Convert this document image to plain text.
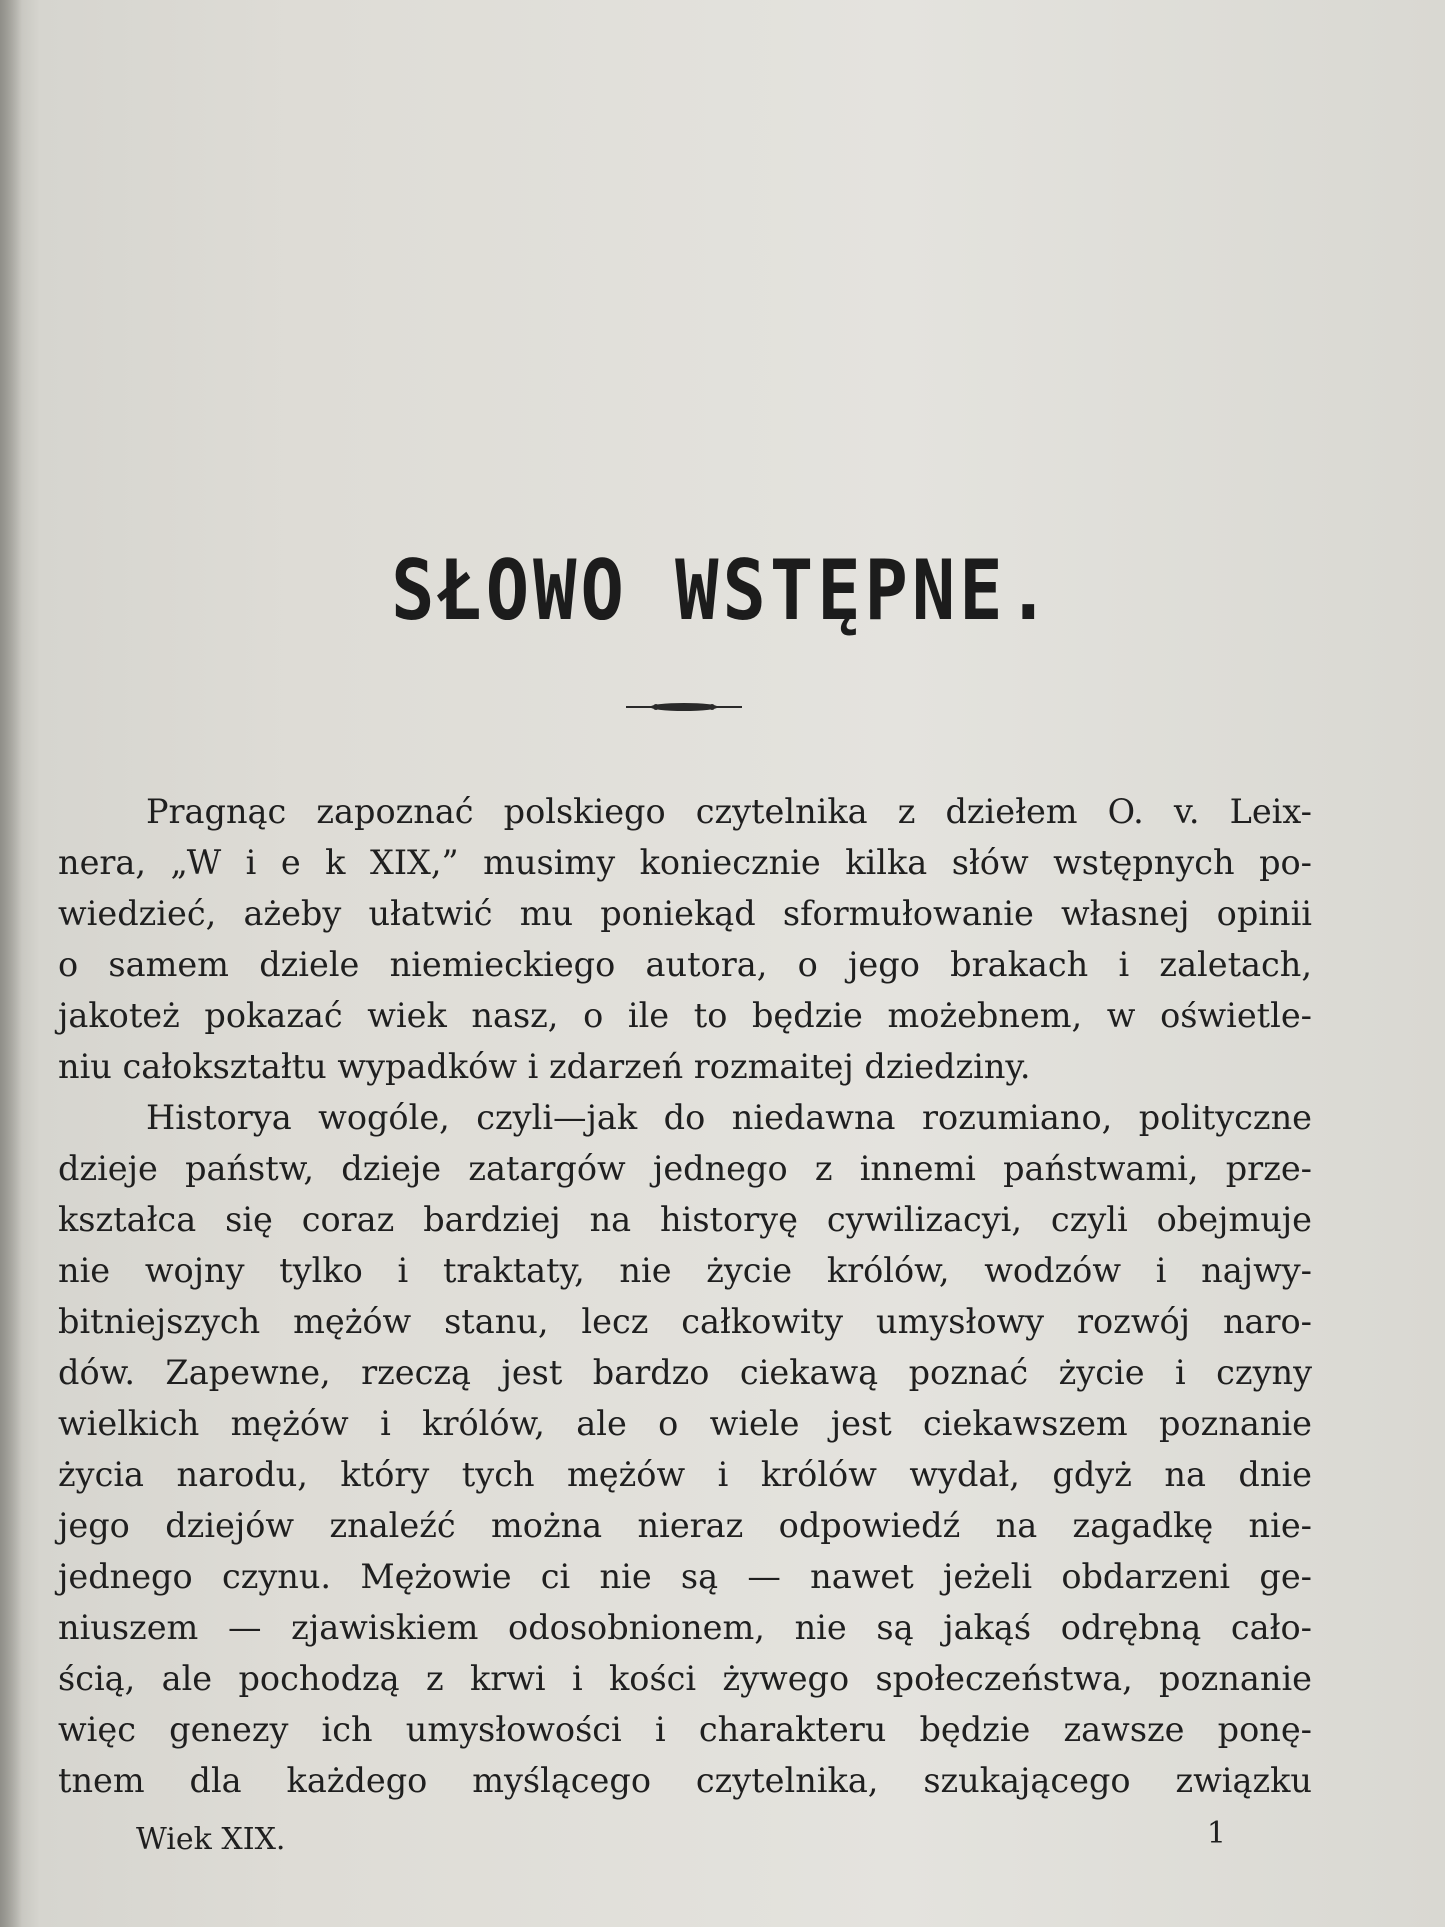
SŁOWO WSTĘPNE.
Pragnąc zapoznać polskiego czytelnika z dziełem O. v. Leix-
nera, „W i e k XIX,” musimy koniecznie kilka słów wstępnych po-
wiedzieć, ażeby ułatwić mu poniekąd sformułowanie własnej opinii
o samem dziele niemieckiego autora, o jego brakach i zaletach,
jakoteż pokazać wiek nasz, o ile to będzie możebnem, w oświetle-
niu całokształtu wypadków i zdarzeń rozmaitej dziedziny.
Historya wogóle, czyli—jak do niedawna rozumiano, polityczne
dzieje państw, dzieje zatargów jednego z innemi państwami, prze-
kształca się coraz bardziej na historyę cywilizacyi, czyli obejmuje
nie wojny tylko i traktaty, nie życie królów, wodzów i najwy-
bitniejszych mężów stanu, lecz całkowity umysłowy rozwój naro-
dów. Zapewne, rzeczą jest bardzo ciekawą poznać życie i czyny
wielkich mężów i królów, ale o wiele jest ciekawszem poznanie
życia narodu, który tych mężów i królów wydał, gdyż na dnie
jego dziejów znaleźć można nieraz odpowiedź na zagadkę nie-
jednego czynu. Mężowie ci nie są — nawet jeżeli obdarzeni ge-
niuszem — zjawiskiem odosobnionem, nie są jakąś odrębną cało-
ścią, ale pochodzą z krwi i kości żywego społeczeństwa, poznanie
więc genezy ich umysłowości i charakteru będzie zawsze ponę-
tnem dla każdego myślącego czytelnika, szukającego związku
Wiek XIX.	1
